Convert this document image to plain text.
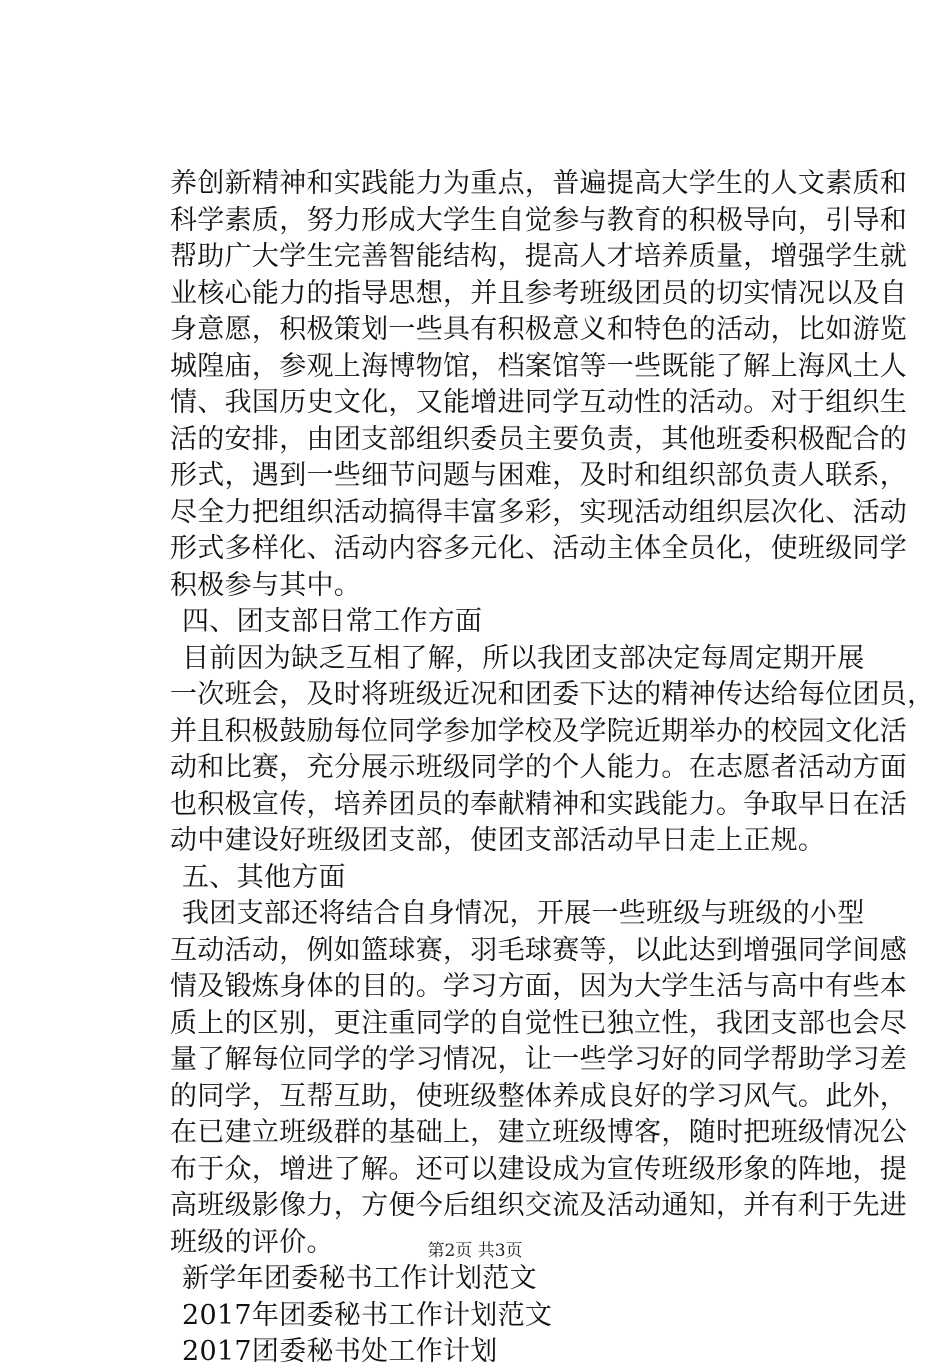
养创新精神和实践能力为重点，普遍提高大学生的人文素质和
科学素质，努力形成大学生自觉参与教育的积极导向，引导和
帮助广大学生完善智能结构，提高人才培养质量，增强学生就
业核心能力的指导思想，并且参考班级团员的切实情况以及自
身意愿，积极策划一些具有积极意义和特色的活动，比如游览
城隍庙，参观上海博物馆，档案馆等一些既能了解上海风土人
情、我国历史文化，又能增进同学互动性的活动。对于组织生
活的安排，由团支部组织委员主要负责，其他班委积极配合的
形式，遇到一些细节问题与困难，及时和组织部负责人联系，
尽全力把组织活动搞得丰富多彩，实现活动组织层次化、活动
形式多样化、活动内容多元化、活动主体全员化，使班级同学
积极参与其中。
四、团支部日常工作方面
目前因为缺乏互相了解，所以我团支部决定每周定期开展
一次班会，及时将班级近况和团委下达的精神传达给每位团员，
并且积极鼓励每位同学参加学校及学院近期举办的校园文化活
动和比赛，充分展示班级同学的个人能力。在志愿者活动方面
也积极宣传，培养团员的奉献精神和实践能力。争取早日在活
动中建设好班级团支部，使团支部活动早日走上正规。
五、其他方面
我团支部还将结合自身情况，开展一些班级与班级的小型
互动活动，例如篮球赛，羽毛球赛等，以此达到增强同学间感
情及锻炼身体的目的。学习方面，因为大学生活与高中有些本
质上的区别，更注重同学的自觉性已独立性，我团支部也会尽
量了解每位同学的学习情况，让一些学习好的同学帮助学习差
的同学，互帮互助，使班级整体养成良好的学习风气。此外，
在已建立班级群的基础上，建立班级博客，随时把班级情况公
布于众，增进了解。还可以建设成为宣传班级形象的阵地，提
高班级影像力，方便今后组织交流及活动通知，并有利于先进
班级的评价。
新学年团委秘书工作计划范文
2017年团委秘书工作计划范文
2017团委秘书处工作计划
第2页 共3页
